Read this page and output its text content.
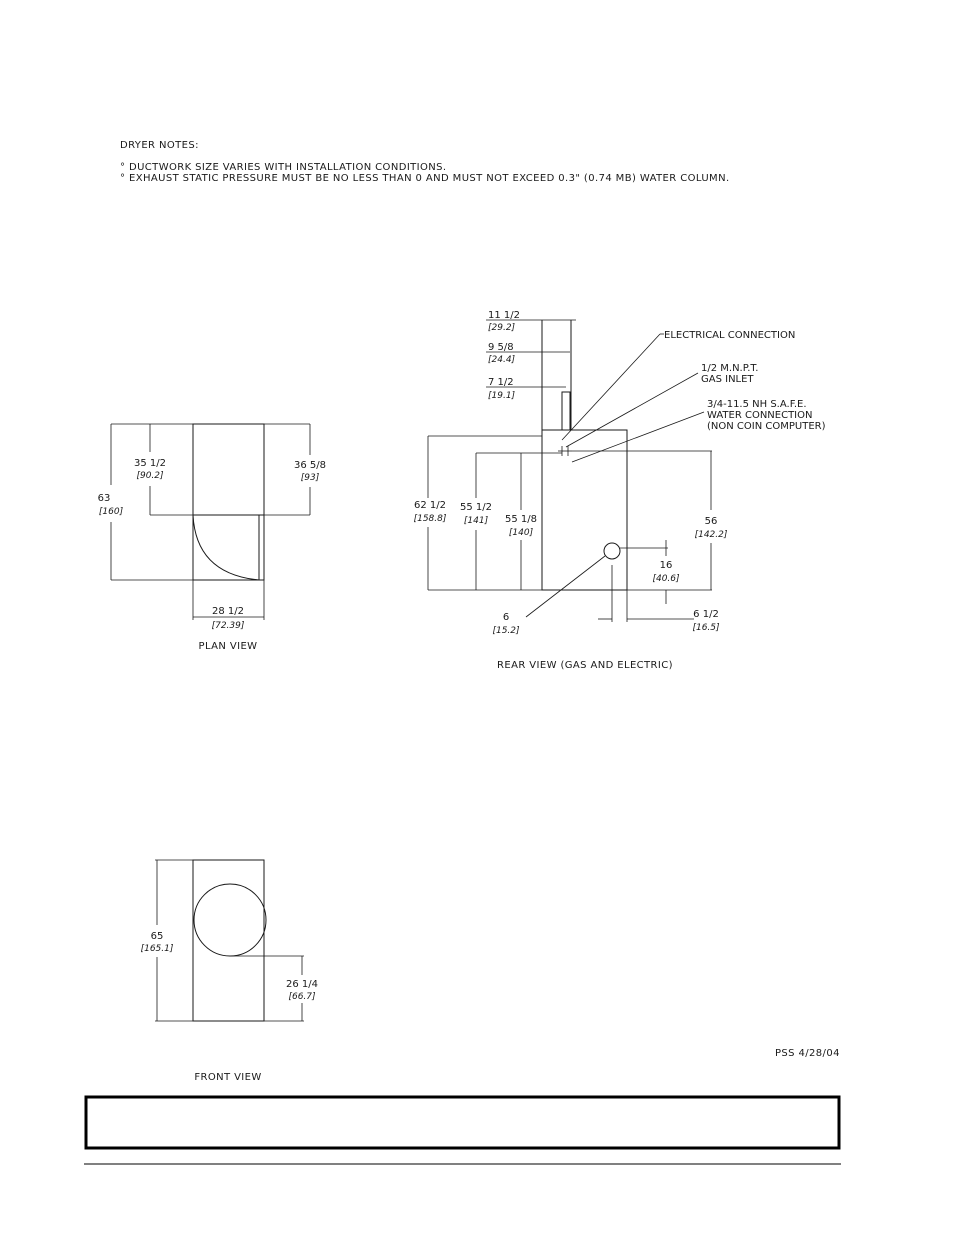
DRYER NOTES:
° DUCTWORK SIZE VARIES WITH INSTALLATION CONDITIONS.
° EXHAUST STATIC PRESSURE MUST BE NO LESS THAN 0 AND MUST NOT EXCEED 0.3" (0.74 MB) WATER COLUMN.
63
[160]
35 1/2
[90.2]
36 5/8
[93]
28 1/2
[72.39]
PLAN VIEW
11 1/2
[29.2]
9 5/8
[24.4]
7 1/2
[19.1]
62 1/2
[158.8]
55 1/2
[141] 55 1/8
[140]
56
[142.2]
16
[40.6]
6
[15.2]
6 1/2
[16.5]
ELECTRICAL CONNECTION
1/2 M.N.P.T.
GAS INLET
3/4-11.5 NH S.A.F.E.
WATER CONNECTION
(NON COIN COMPUTER)
REAR VIEW (GAS AND ELECTRIC)
65
[165.1]
26 1/4
[66.7]
FRONT VIEW
PSS 4/28/04
